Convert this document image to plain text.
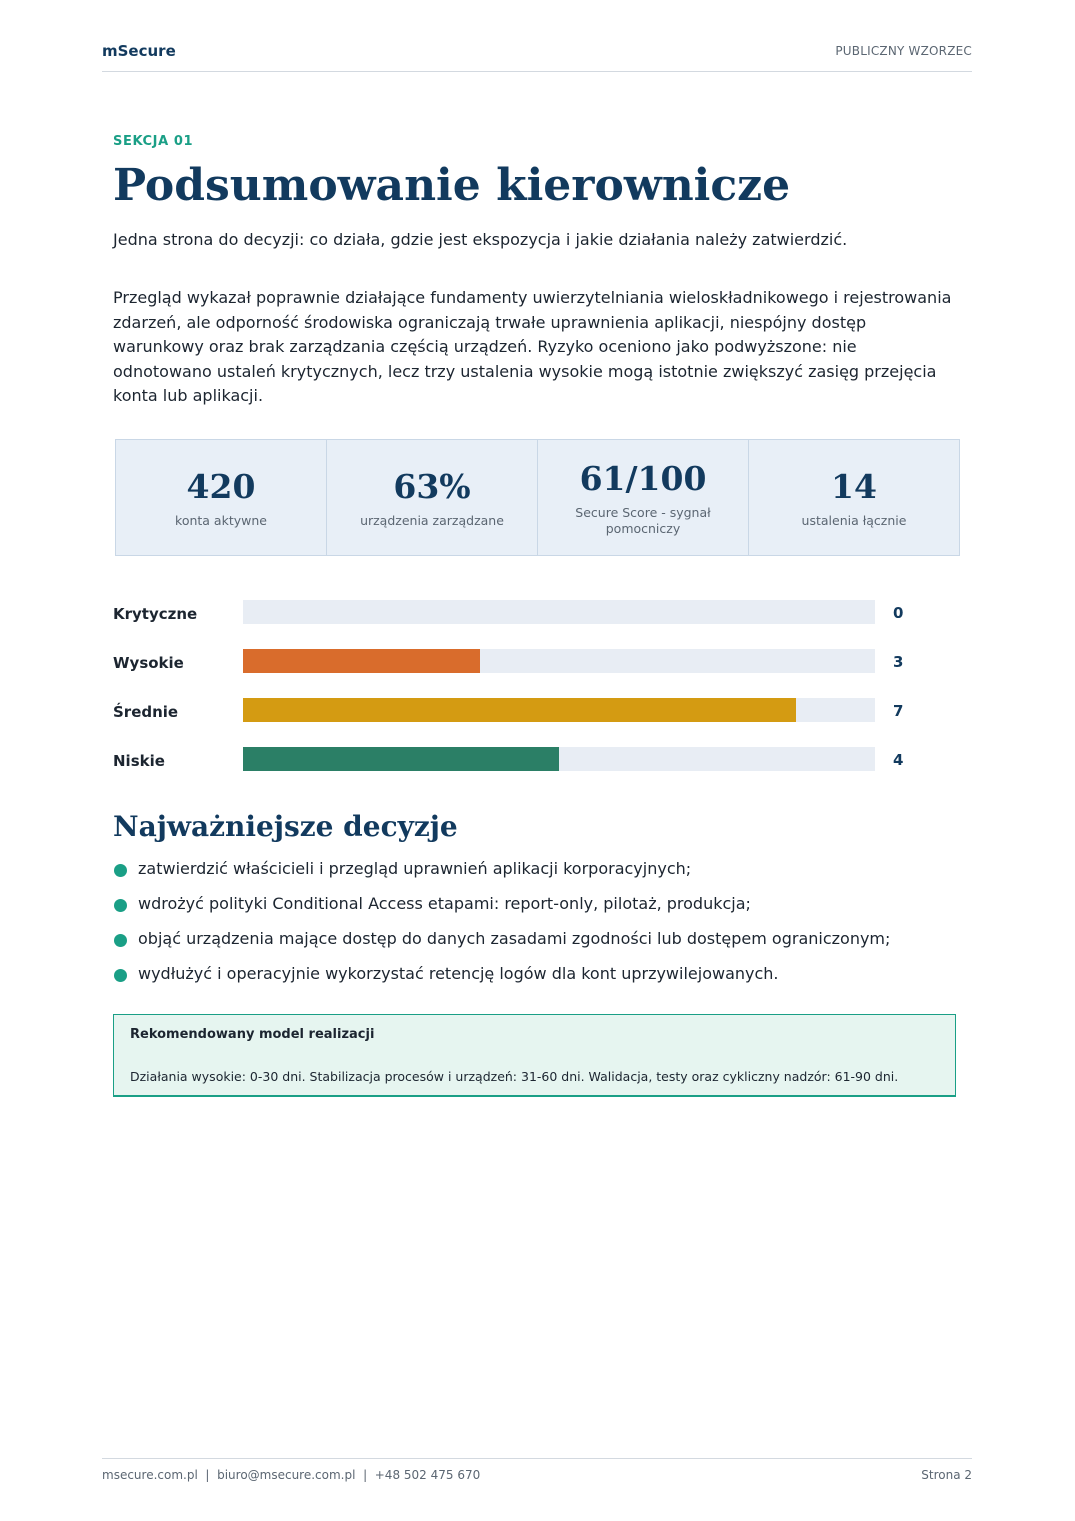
mSecure	PUBLICZNY WZORZEC
SEKCJA 01
Podsumowanie kierownicze
Jedna strona do decyzji: co działa, gdzie jest ekspozycja i jakie działania należy zatwierdzić.

Przegląd wykazał poprawnie działające fundamenty uwierzytelniania wieloskładnikowego i rejestrowania zdarzeń, ale odporność środowiska ograniczają trwałe uprawnienia aplikacji, niespójny dostęp warunkowy oraz brak zarządzania częścią urządzeń. Ryzyko oceniono jako podwyższone: nie odnotowano ustaleń krytycznych, lecz trzy ustalenia wysokie mogą istotnie zwiększyć zasięg przejęcia konta lub aplikacji.

420
konta aktywne
63%
urządzenia zarządzane
61/100
Secure Score - sygnał pomocniczy
14
ustalenia łącznie
Krytyczne	0
Wysokie	3
Średnie	7
Niskie	4
Najważniejsze decyzje
zatwierdzić właścicieli i przegląd uprawnień aplikacji korporacyjnych;
wdrożyć polityki Conditional Access etapami: report-only, pilotaż, produkcja;
objąć urządzenia mające dostęp do danych zasadami zgodności lub dostępem ograniczonym;
wydłużyć i operacyjnie wykorzystać retencję logów dla kont uprzywilejowanych.
Rekomendowany model realizacji
Działania wysokie: 0-30 dni. Stabilizacja procesów i urządzeń: 31-60 dni. Walidacja, testy oraz cykliczny nadzór: 61-90 dni.
msecure.com.pl  |  biuro@msecure.com.pl  |  +48 502 475 670	Strona 2
